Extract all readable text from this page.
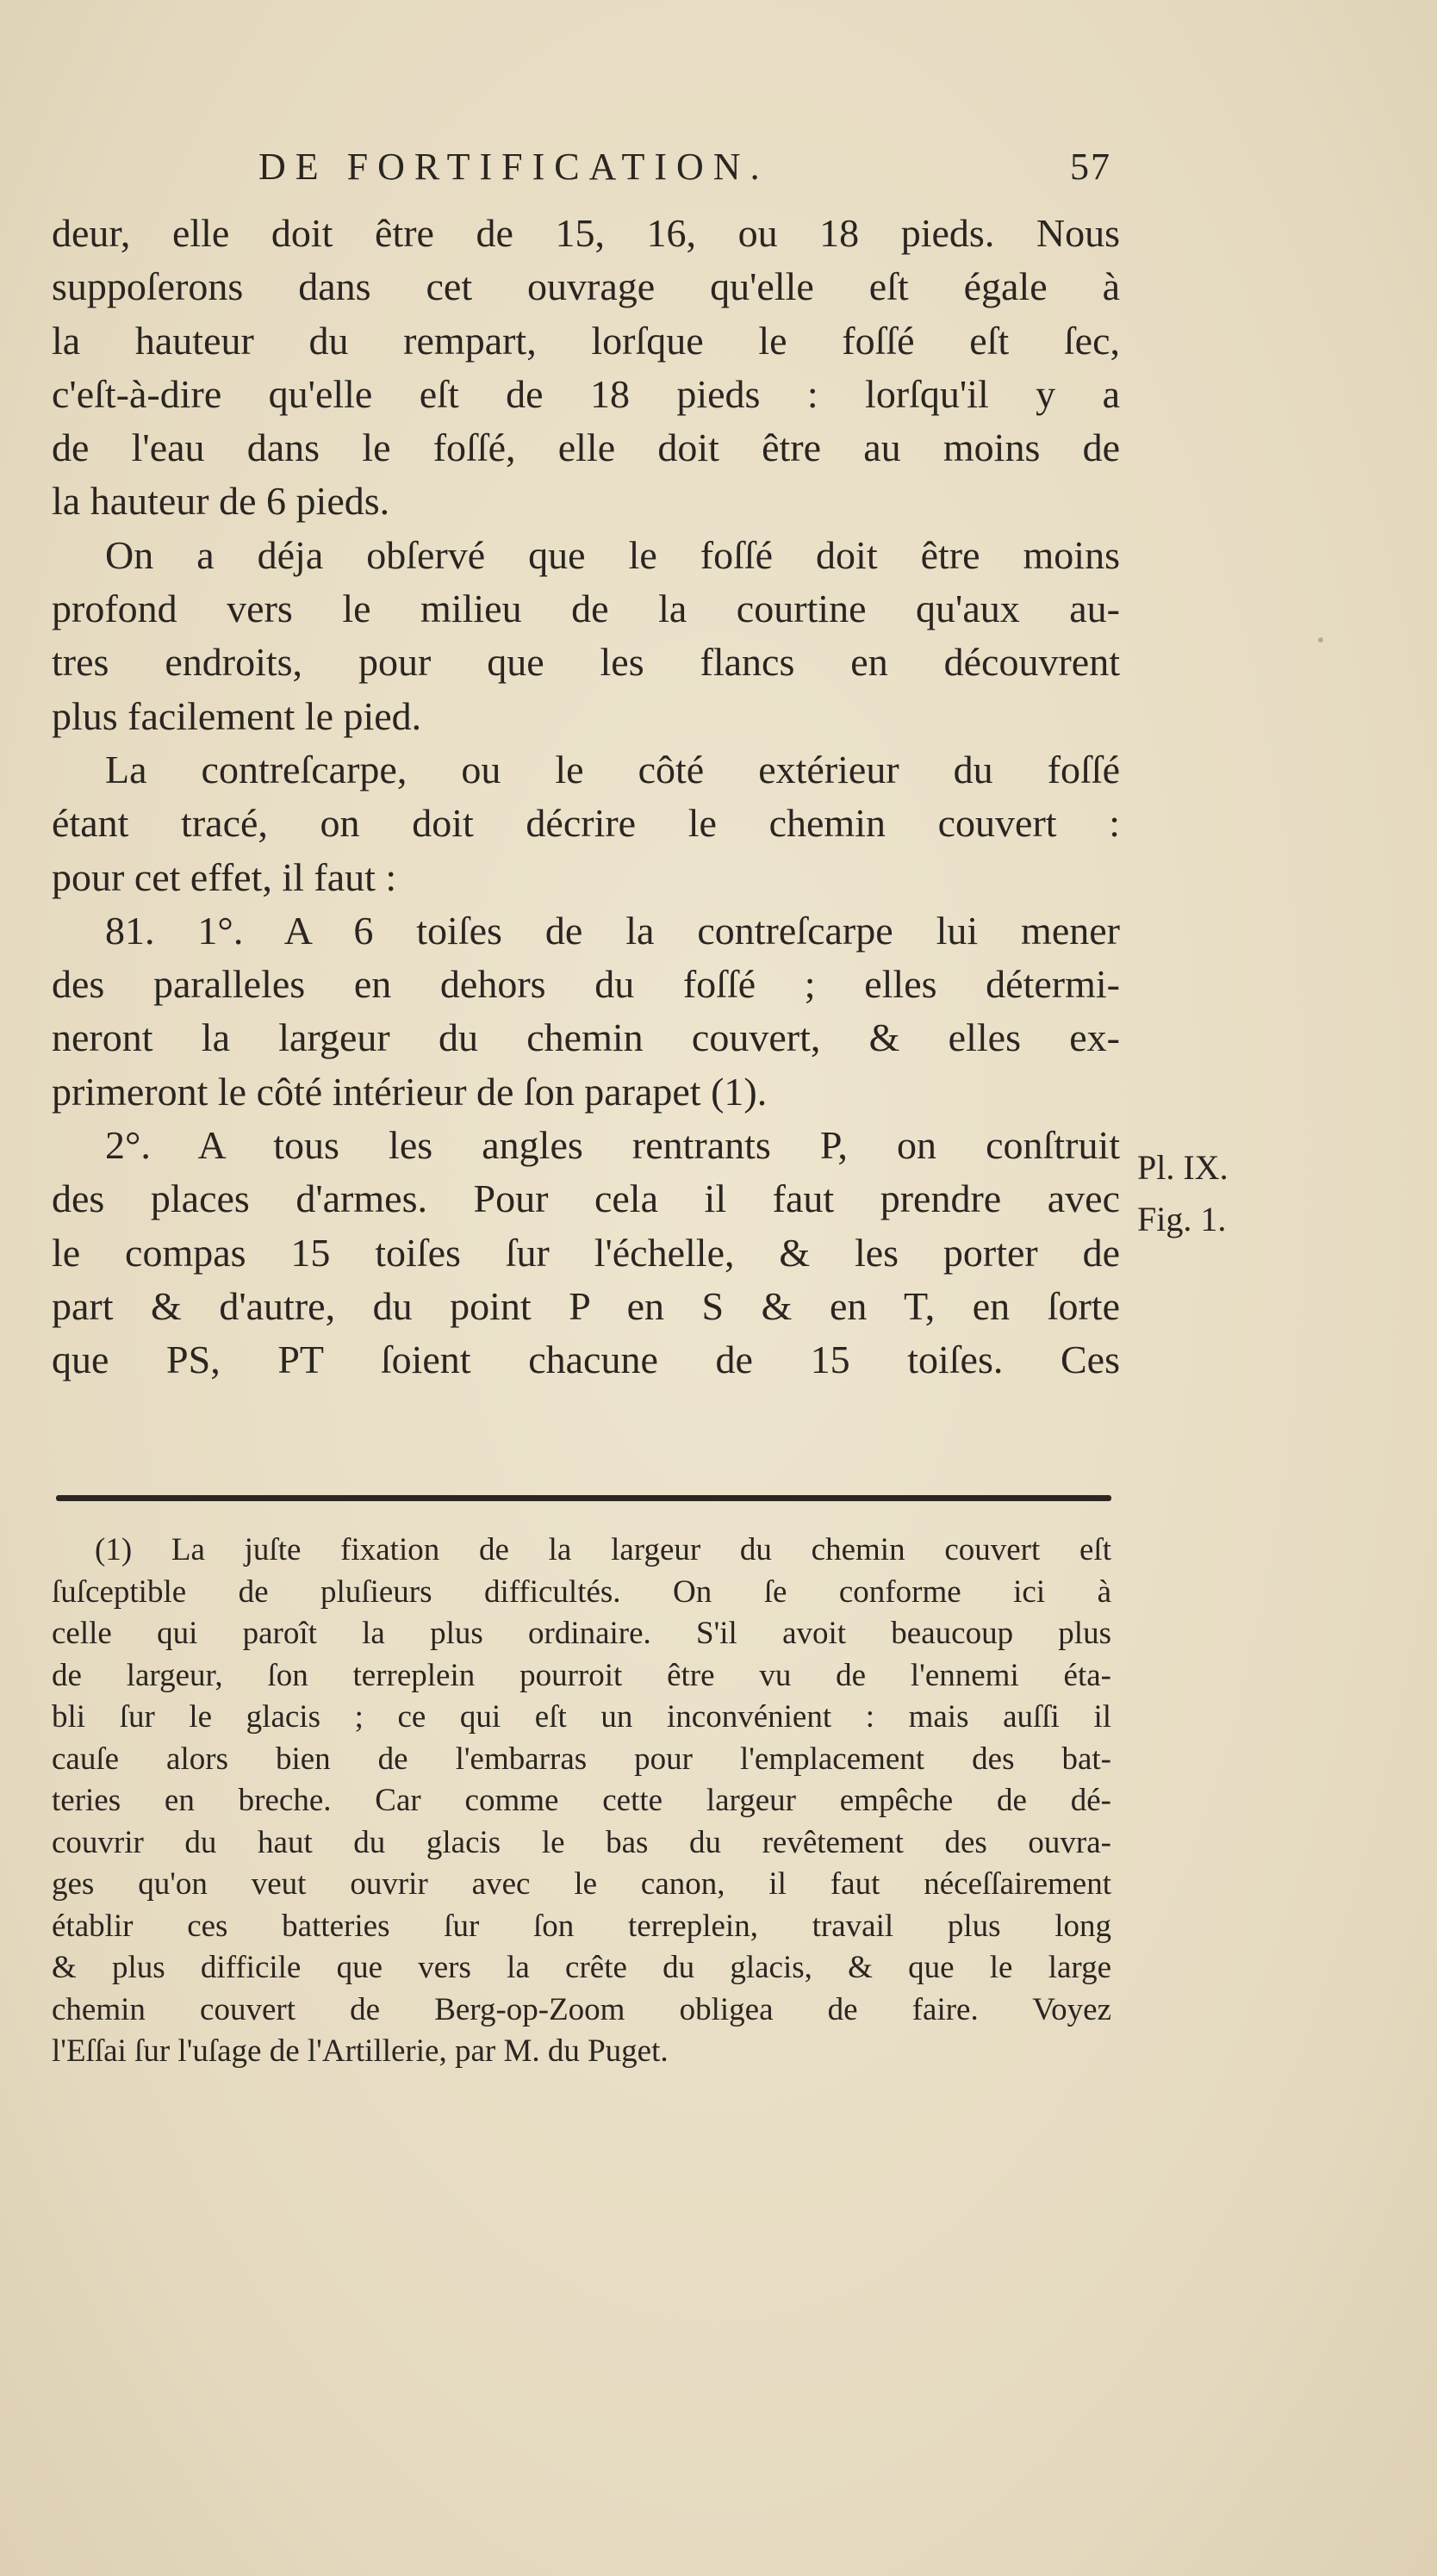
DE FORTIFICATION.	57
deur, elle doit être de 15, 16, ou 18 pieds. Nous
suppoſerons dans cet ouvrage qu'elle eſt égale à
la hauteur du rempart, lorſque le foſſé eſt ſec,
c'eſt-à-dire qu'elle eſt de 18 pieds : lorſqu'il y a
de l'eau dans le foſſé, elle doit être au moins de
la hauteur de 6 pieds.
On a déja obſervé que le foſſé doit être moins
profond vers le milieu de la courtine qu'aux au-
tres endroits, pour que les flancs en découvrent
plus facilement le pied.
La contreſcarpe, ou le côté extérieur du foſſé
étant tracé, on doit décrire le chemin couvert :
pour cet effet, il faut :
81. 1°. A 6 toiſes de la contreſcarpe lui mener
des paralleles en dehors du foſſé ; elles détermi-
neront la largeur du chemin couvert, & elles ex-
primeront le côté intérieur de ſon parapet (1).
2°. A tous les angles rentrants P, on conſtruit
des places d'armes. Pour cela il faut prendre avec
le compas 15 toiſes ſur l'échelle, & les porter de
part & d'autre, du point P en S & en T, en ſorte
que PS, PT ſoient chacune de 15 toiſes. Ces
Pl. IX.
Fig. 1.
(1) La juſte fixation de la largeur du chemin couvert eſt
ſuſceptible de pluſieurs difficultés. On ſe conforme ici à
celle qui paroît la plus ordinaire. S'il avoit beaucoup plus
de largeur, ſon terreplein pourroit être vu de l'ennemi éta-
bli ſur le glacis ; ce qui eſt un inconvénient : mais auſſi il
cauſe alors bien de l'embarras pour l'emplacement des bat-
teries en breche. Car comme cette largeur empêche de dé-
couvrir du haut du glacis le bas du revêtement des ouvra-
ges qu'on veut ouvrir avec le canon, il faut néceſſairement
établir ces batteries ſur ſon terreplein, travail plus long
& plus difficile que vers la crête du glacis, & que le large
chemin couvert de Berg-op-Zoom obligea de faire. Voyez
l'Eſſai ſur l'uſage de l'Artillerie, par M. du Puget.
